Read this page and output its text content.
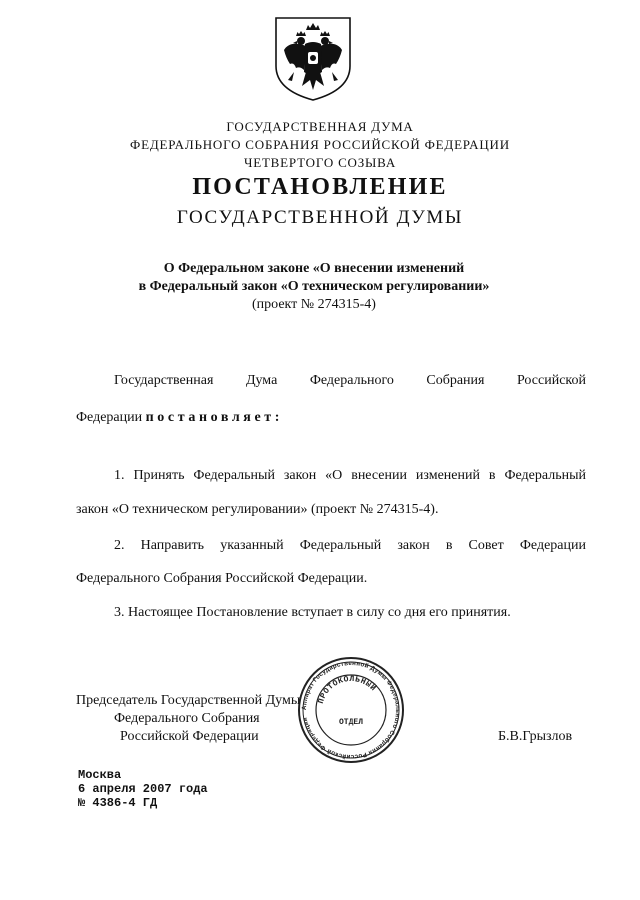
ГОСУДАРСТВЕННАЯ ДУМА
ФЕДЕРАЛЬНОГО СОБРАНИЯ РОССИЙСКОЙ ФЕДЕРАЦИИ
ЧЕТВЕРТОГО СОЗЫВА
ПОСТАНОВЛЕНИЕ
ГОСУДАРСТВЕННОЙ ДУМЫ
О Федеральном законе «О внесении изменений
в Федеральный закон «О техническом регулировании»
(проект № 274315-4)
Государственная Дума Федерального Собрания Российской
Федерации постановляет:
1. Принять Федеральный закон «О внесении изменений в Федеральный
закон «О техническом регулировании» (проект № 274315-4).
2. Направить указанный Федеральный закон в Совет Федерации
Федерального Собрания Российской Федерации.
3. Настоящее Постановление вступает в силу со дня его принятия.
Аппарат Государственной Думы Федерального Собрания Российской Федерации
ПРОТОКОЛЬНЫЙ
ОТДЕЛ
Председатель Государственной Думы
Федерального Собрания
Российской Федерации	Б.В.Грызлов
Москва
6 апреля 2007 года
№ 4386-4 ГД
